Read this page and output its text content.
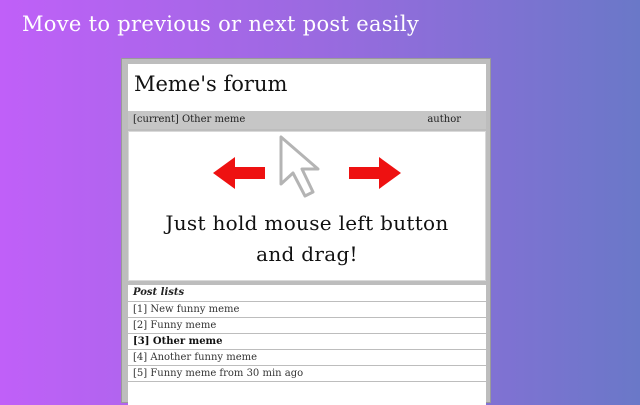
Move to previous or next post easily
Meme's forum
[current] Other meme	author
Just hold mouse left button
and drag!
Post lists
[1] New funny meme
[2] Funny meme
[3] Other meme
[4] Another funny meme
[5] Funny meme from 30 min ago
